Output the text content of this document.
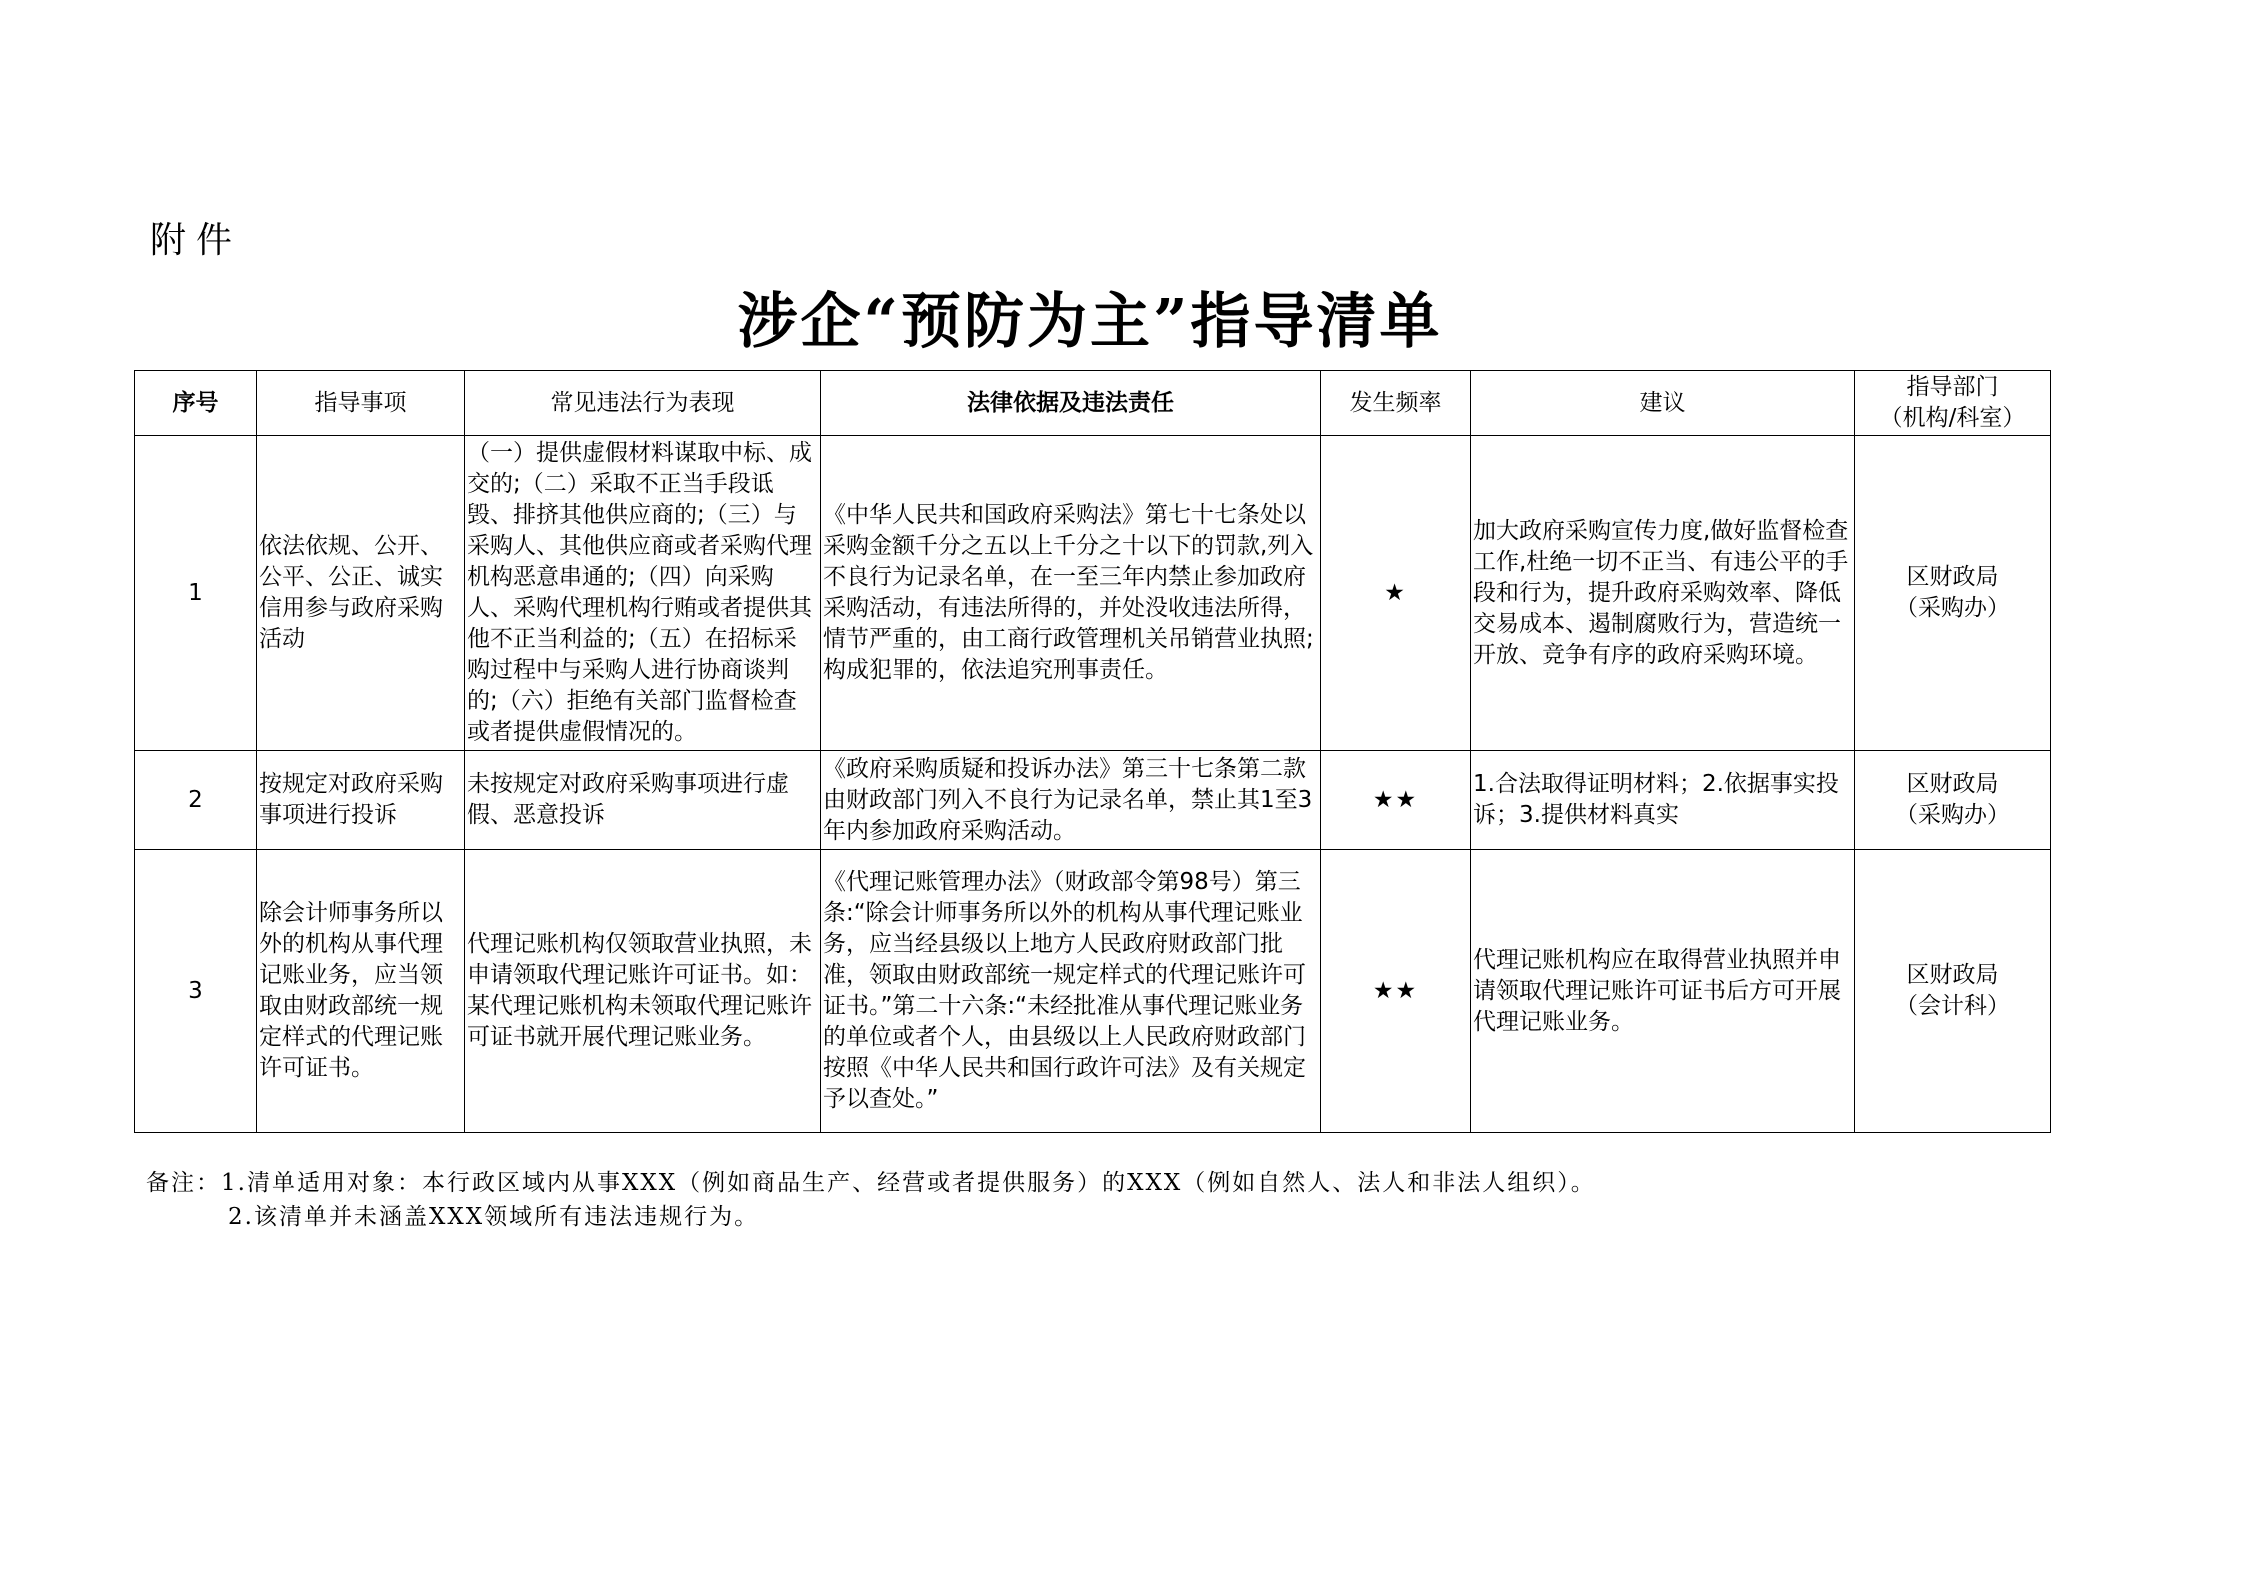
附件
涉企“预防为主”指导清单
序号	指导事项	常见违法行为表现	法律依据及违法责任	发生频率	建议	指导部门
（机构/科室）

1	依法依规、公开、公平、公正、诚实信用参与政府采购活动	（一）提供虚假材料谋取中标、成交的;（二）采取不正当手段诋毁、排挤其他供应商的;（三）与采购人、其他供应商或者采购代理机构恶意串通的;（四）向采购人、采购代理机构行贿或者提供其他不正当利益的;（五）在招标采购过程中与采购人进行协商谈判的;（六）拒绝有关部门监督检查或者提供虚假情况的。	《中华人民共和国政府采购法》第七十七条处以采购金额千分之五以上千分之十以下的罚款,列入不良行为记录名单，在一至三年内禁止参加政府采购活动，有违法所得的，并处没收违法所得，情节严重的，由工商行政管理机关吊销营业执照;构成犯罪的，依法追究刑事责任。	★	加大政府采购宣传力度,做好监督检查工作,杜绝一切不正当、有违公平的手段和行为，提升政府采购效率、降低交易成本、遏制腐败行为，营造统一开放、竞争有序的政府采购环境。	区财政局
（采购办）

2	按规定对政府采购事项进行投诉	未按规定对政府采购事项进行虚假、恶意投诉	《政府采购质疑和投诉办法》第三十七条第二款由财政部门列入不良行为记录名单，禁止其1至3年内参加政府采购活动。	★★	1.合法取得证明材料；2.依据事实投诉；3.提供材料真实	区财政局
（采购办）

3	除会计师事务所以外的机构从事代理记账业务，应当领取由财政部统一规定样式的代理记账许可证书。	代理记账机构仅领取营业执照，未申请领取代理记账许可证书。如：某代理记账机构未领取代理记账许可证书就开展代理记账业务。	《代理记账管理办法》（财政部令第98号）第三条:“除会计师事务所以外的机构从事代理记账业务，应当经县级以上地方人民政府财政部门批准，领取由财政部统一规定样式的代理记账许可证书。”第二十六条:“未经批准从事代理记账业务的单位或者个人，由县级以上人民政府财政部门按照《中华人民共和国行政许可法》及有关规定予以查处。”	★★	代理记账机构应在取得营业执照并申请领取代理记账许可证书后方可开展代理记账业务。	区财政局
（会计科）
备注：1.清单适用对象：本行政区域内从事XXX（例如商品生产、经营或者提供服务）的XXX（例如自然人、法人和非法人组织）。
2.该清单并未涵盖XXX领域所有违法违规行为。
